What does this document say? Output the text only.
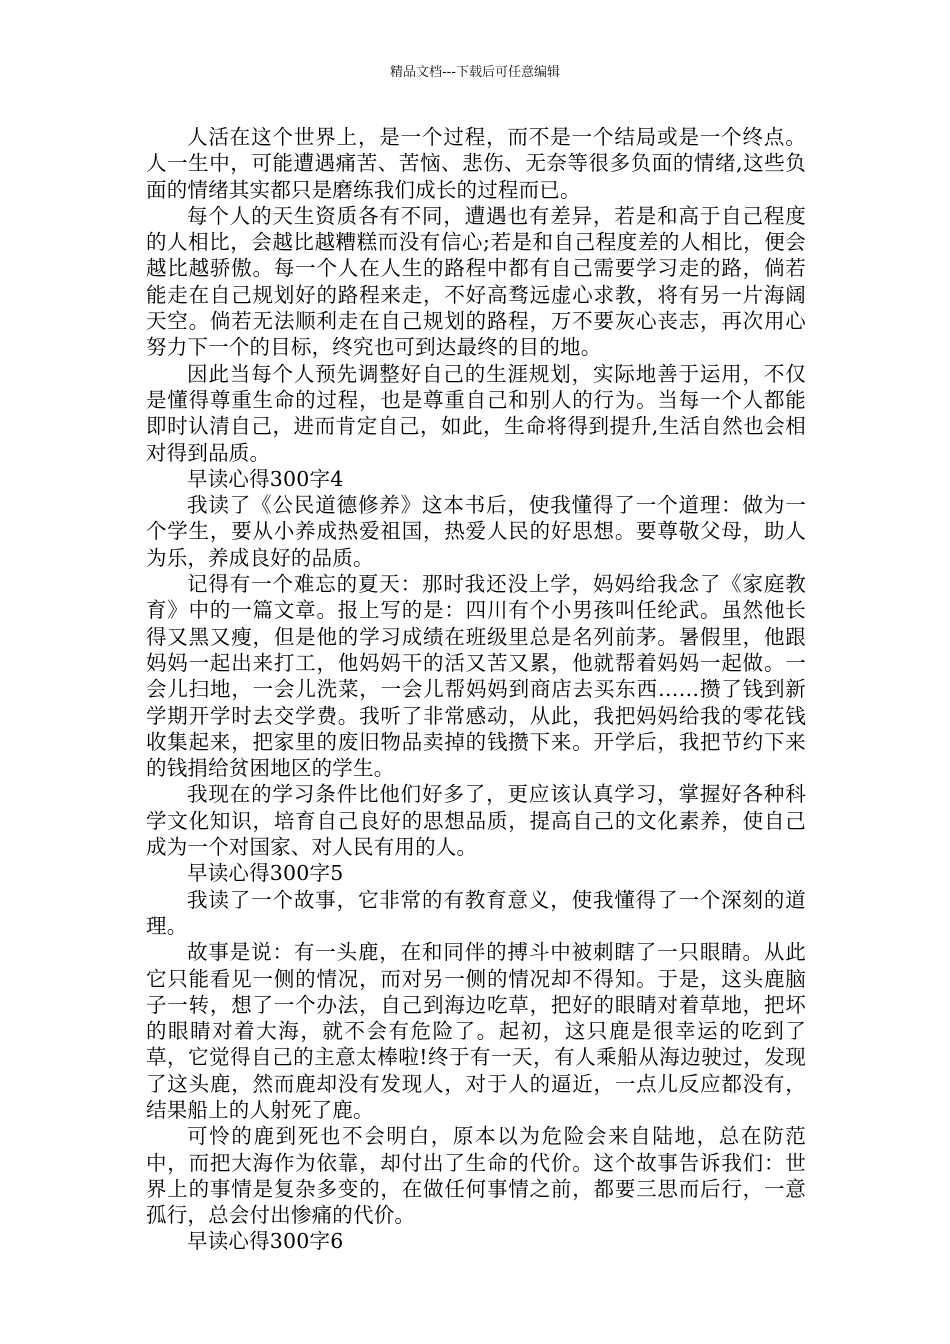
精品文档---下载后可任意编辑

人活在这个世界上，是一个过程，而不是一个结局或是一个终点。人一生中，可能遭遇痛苦、苦恼、悲伤、无奈等很多负面的情绪,这些负面的情绪其实都只是磨练我们成长的过程而已。

每个人的天生资质各有不同，遭遇也有差异，若是和高于自己程度的人相比，会越比越糟糕而没有信心;若是和自己程度差的人相比，便会越比越骄傲。每一个人在人生的路程中都有自己需要学习走的路，倘若能走在自己规划好的路程来走，不好高骛远虚心求教，将有另一片海阔天空。倘若无法顺利走在自己规划的路程，万不要灰心丧志，再次用心努力下一个的目标，终究也可到达最终的目的地。

因此当每个人预先调整好自己的生涯规划，实际地善于运用，不仅是懂得尊重生命的过程，也是尊重自己和别人的行为。当每一个人都能即时认清自己，进而肯定自己，如此，生命将得到提升,生活自然也会相对得到品质。

早读心得300字4

我读了《公民道德修养》这本书后，使我懂得了一个道理：做为一个学生，要从小养成热爱祖国，热爱人民的好思想。要尊敬父母，助人为乐，养成良好的品质。

记得有一个难忘的夏天：那时我还没上学，妈妈给我念了《家庭教育》中的一篇文章。报上写的是：四川有个小男孩叫任纶武。虽然他长得又黑又瘦，但是他的学习成绩在班级里总是名列前茅。暑假里，他跟妈妈一起出来打工，他妈妈干的活又苦又累，他就帮着妈妈一起做。一会儿扫地，一会儿洗菜，一会儿帮妈妈到商店去买东西……攒了钱到新学期开学时去交学费。我听了非常感动，从此，我把妈妈给我的零花钱收集起来，把家里的废旧物品卖掉的钱攒下来。开学后，我把节约下来的钱捐给贫困地区的学生。

我现在的学习条件比他们好多了，更应该认真学习，掌握好各种科学文化知识，培育自己良好的思想品质，提高自己的文化素养，使自己成为一个对国家、对人民有用的人。

早读心得300字5

我读了一个故事，它非常的有教育意义，使我懂得了一个深刻的道理。

故事是说：有一头鹿，在和同伴的搏斗中被刺瞎了一只眼睛。从此它只能看见一侧的情况，而对另一侧的情况却不得知。于是，这头鹿脑子一转，想了一个办法，自己到海边吃草，把好的眼睛对着草地，把坏的眼睛对着大海，就不会有危险了。起初，这只鹿是很幸运的吃到了草，它觉得自己的主意太棒啦!终于有一天，有人乘船从海边驶过，发现了这头鹿，然而鹿却没有发现人，对于人的逼近，一点儿反应都没有，结果船上的人射死了鹿。

可怜的鹿到死也不会明白，原本以为危险会来自陆地，总在防范中，而把大海作为依靠，却付出了生命的代价。这个故事告诉我们：世界上的事情是复杂多变的，在做任何事情之前，都要三思而后行，一意孤行，总会付出惨痛的代价。

早读心得300字6
